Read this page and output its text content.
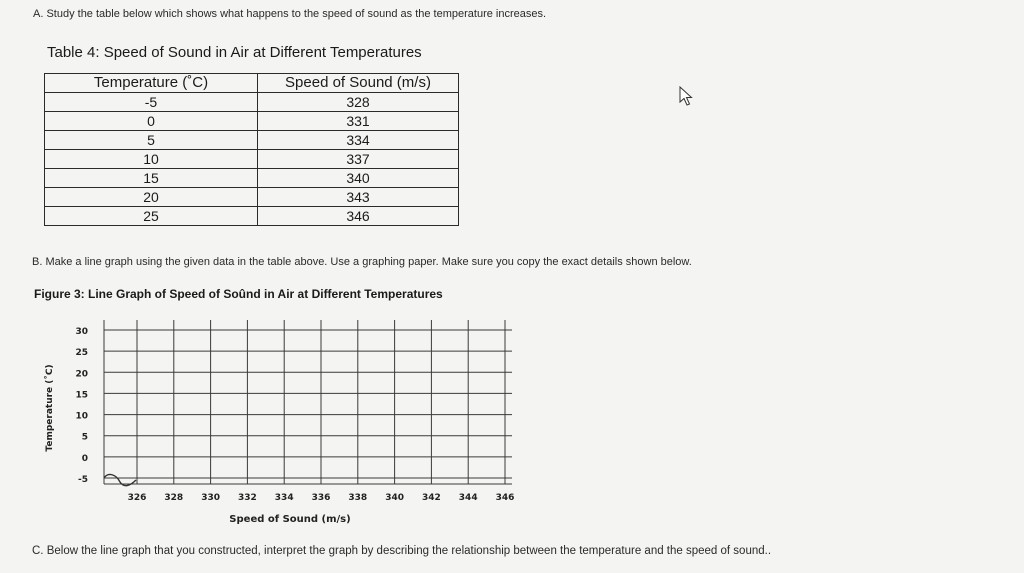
A. Study the table below which shows what happens to the speed of sound as the temperature increases.
Table 4: Speed of Sound in Air at Different Temperatures
Temperature (˚C)	Speed of Sound (m/s)
-5	328
0	331
5	334
10	337
15	340
20	343
25	346
B. Make a line graph using the given data in the table above. Use a graphing paper. Make sure you copy the exact details shown below.
Figure 3: Line Graph of Speed of Soûnd in Air at Different Temperatures
326 328 330 332 334 336 338 340 342 344 346
30
25
20
15
10
5
0
-5
Speed of Sound (m/s)
Temperature (˚C)
C. Below the line graph that you constructed, interpret the graph by describing the relationship between the temperature and the speed of sound..
